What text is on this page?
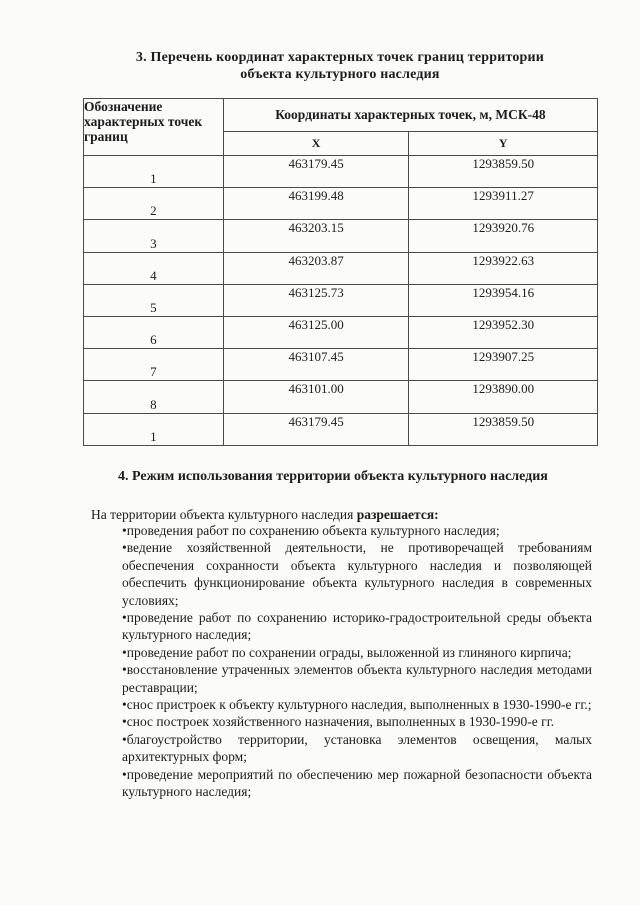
3. Перечень координат характерных точек границ территории
объекта культурного наследия
Обозначение характерных точек границ	Координаты характерных точек, м, МСК-48	
	X	Y
1	463179.45	1293859.50
2	463199.48	1293911.27
3	463203.15	1293920.76
4	463203.87	1293922.63
5	463125.73	1293954.16
6	463125.00	1293952.30
7	463107.45	1293907.25
8	463101.00	1293890.00
1	463179.45	1293859.50
4. Режим использования территории объекта культурного наследия
На территории объекта культурного наследия разрешается:

•проведения работ по сохранению объекта культурного наследия;

•ведение хозяйственной деятельности, не противоречащей требованиям обеспечения сохранности объекта культурного наследия и позволяющей обеспечить функционирование объекта культурного наследия в современных условиях;

•проведение работ по сохранению историко-градостроительной среды объекта культурного наследия;

•проведение работ по сохранении ограды, выложенной из глиняного кирпича;

•восстановление утраченных элементов объекта культурного наследия методами реставрации;

•снос пристроек к объекту культурного наследия, выполненных в 1930-1990-е гг.;

•снос построек хозяйственного назначения, выполненных в 1930-1990-е гг.

•благоустройство территории, установка элементов освещения, малых архитектурных форм;

•проведение мероприятий по обеспечению мер пожарной безопасности объекта культурного наследия;
